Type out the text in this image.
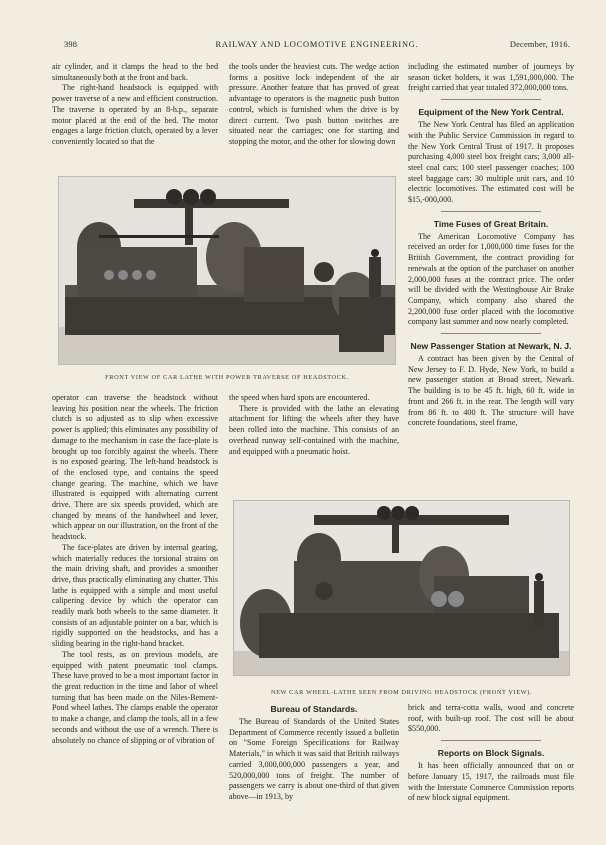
398	RAILWAY AND LOCOMOTIVE ENGINEERING.	December, 1916.

air cylinder, and it clamps the head to the bed simultaneously both at the front and back.

The right-hand headstock is equipped with power traverse of a new and efficient construction. The traverse is operated by an 8-h.p., separate motor placed at the end of the bed. The motor engages a large friction clutch, operated by a lever conveniently located so that the

the tools under the heaviest cuts. The wedge action forms a positive lock independent of the air pressure. Another feature that has proved of great advantage to operators is the magnetic push button control, which is furnished when the drive is by direct current. Two push button switches are situated near the carriages; one for starting and stopping the motor, and the other for slowing down

including the estimated number of journeys by season ticket holders, it was 1,591,000,000. The freight carried that year totaled 372,000,000 tons.

Equipment of the New York Central.

The New York Central has filed an application with the Public Service Commission in regard to the New York Central Trust of 1917. It proposes purchasing 4,000 steel box freight cars; 3,000 all-steel coal cars; 100 steel passenger coaches; 100 steel baggage cars; 30 multiple unit cars, and 10 electric locomotives. The estimated cost will be $15,-000,000.

Time Fuses of Great Britain.

The American Locomotive Company has received an order for 1,000,000 time fuses for the British Government, the contract providing for renewals at the option of the purchaser on another 2,000,000 fuses at the contract price. The order will be divided with the Westinghouse Air Brake Company, which company also shared the 2,200,000 fuse order placed with the locomotive company last summer and now nearly completed.

New Passenger Station at Newark, N. J.

A contract has been given by the Central of New Jersey to F. D. Hyde, New York, to build a new passenger station at Broad street, Newark. The building is to be 45 ft. high, 60 ft. wide in front and 266 ft. in the rear. The length will vary from 86 ft. to 400 ft. The structure will have concrete foundations, steel frame,

FRONT VIEW OF CAR LATHE WITH POWER TRAVERSE OF HEADSTOCK.

operator can traverse the headstock without leaving his position near the wheels. The friction clutch is so adjusted as to slip when excessive power is applied; this eliminates any possibility of damage to the mechanism in case the face-plate is brought up too forcibly against the wheels. There is no exposed gearing. The left-hand headstock is of the enclosed type, and contains the speed change gearing. The machine, which we have illustrated is equipped with alternating current drive. There are six speeds provided, which are changed by means of the handwheel and lever, which appear on our illustration, on the front of the headstock.

The face-plates are driven by internal gearing, which materially reduces the torsional strains on the main driving shaft, and provides a smoother drive, thus practically eliminating any chatter. This lathe is equipped with a simple and most useful calipering device by which the operator can readily mark both wheels to the same diameter. It consists of an adjustable pointer on a bar, which is rigidly supported on the headstocks, and has a sliding bearing in the right-hand bracket.

The tool rests, as on previous models, are equipped with patent pneumatic tool clamps. These have proved to be a most important factor in the great reduction in the time and labor of wheel turning that has been made on the Niles-Bement-Pond wheel lathes. The clamps enable the operator to make a change, and clamp the tools, all in a few seconds and without the use of a wrench. There is absolutely no chance of slipping or of vibration of

the speed when hard spots are encountered.

There is provided with the lathe an elevating attachment for lifting the wheels after they have been rolled into the machine. This consists of an overhead runway self-contained with the machine, and equipped with a pneumatic hoist.

NEW CAR WHEEL-LATHE SEEN FROM DRIVING HEADSTOCK (FRONT VIEW).
Bureau of Standards.

The Bureau of Standards of the United States Department of Commerce recently issued a bulletin on "Some Foreign Specifications for Railway Materials," in which it was said that British railways carried 3,000,000,000 passengers a year, and 520,000,000 tons of freight. The number of passengers we carry is about one-third of that given above—in 1913, by

brick and terra-cotta walls, wood and concrete roof, with built-up roof. The cost will be about $550,000.

Reports on Block Signals.

It has been officially announced that on or before January 15, 1917, the railroads must file with the Interstate Commerce Commission reports of new block signal equipment.
